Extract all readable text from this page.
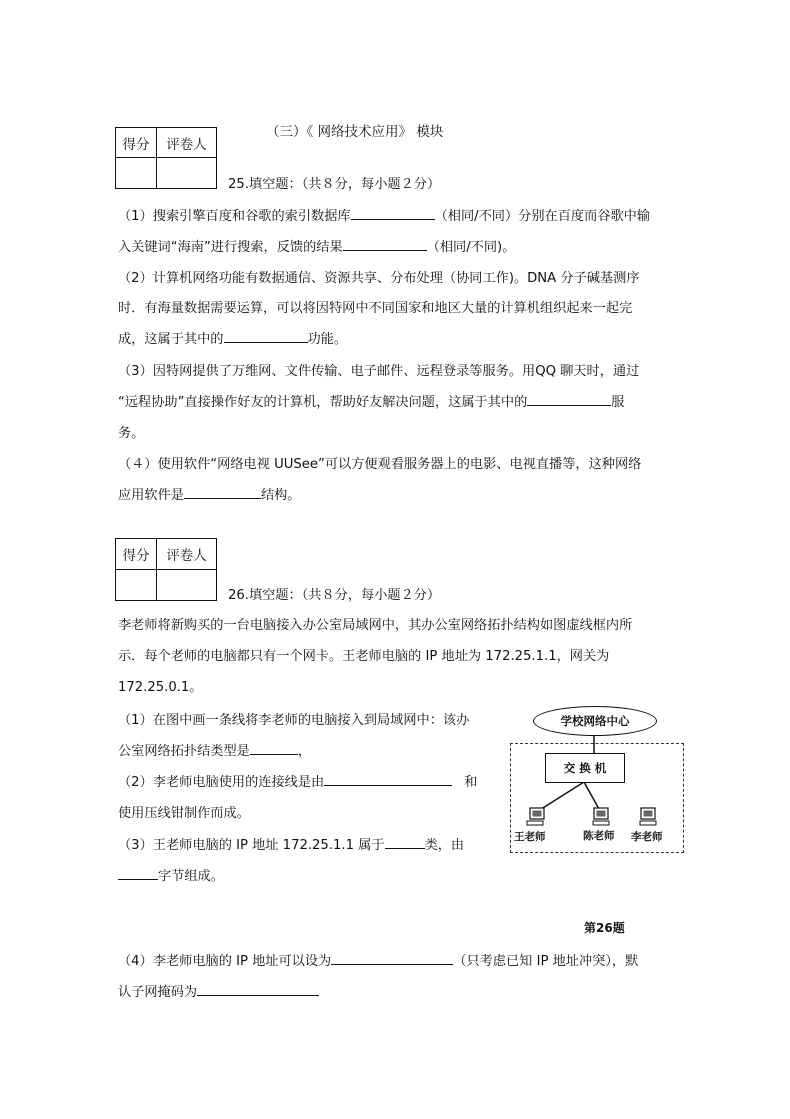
（三）《 网络技术应用》 模块
得分	评卷人

25.填空题：（共８分，每小题２分）
（1）搜索引擎百度和谷歌的索引数据库	（相同/不同）分别在百度而谷歌中输
入关键词“海南”进行搜索，反馈的结果	（相同/不同)。
（2）计算机网络功能有数据通信、资源共享、分布处理（协同工作)。DNA 分子碱基测序
时．有海量数据需要运算，可以将因特网中不同国家和地区大量的计算机组织起来一起完
成，这属于其中的	功能。
（3）因特网提供了万维网、文件传输、电子邮件、远程登录等服务。用QQ 聊天时，通过
“远程协助”直接操作好友的计算机，帮助好友解决问题，这属于其中的	服
务。
（４）使用软件“网络电视 UUSee”可以方便观看服务器上的电影、电视直播等，这种网络
应用软件是	结构。
得分	评卷人

26.填空题：（共８分，每小题２分）
李老师将新购买的一台电脑接入办公室局域网中，其办公室网络拓扑结构如图虚线框内所
示．每个老师的电脑都只有一个网卡。王老师电脑的 IP 地址为 172.25.1.1，网关为
172.25.0.1。
（1）在图中画一条线将李老师的电脑接入到局域网中：该办
公室网络拓扑结类型是	，
（2）李老师电脑使用的连接线是由	和
使用压线钳制作而成。
（3）王老师电脑的 IP 地址 172.25.1.1 属于	类，由
字节组成。
第26题
（4）李老师电脑的 IP 地址可以设为	（只考虑已知 IP 地址冲突），默
认子网掩码为
学校网络中心
交 换 机
王老师	陈老师 李老师
